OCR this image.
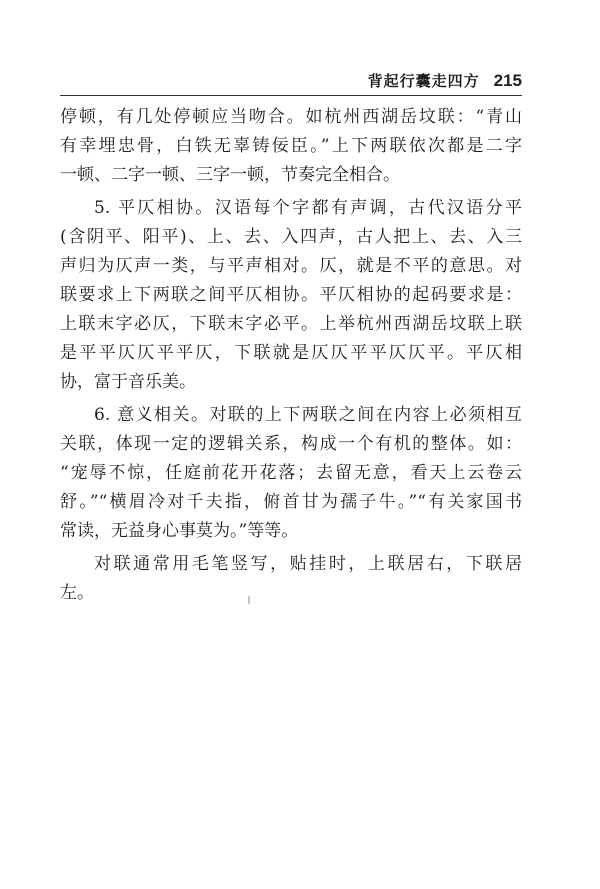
背起行囊走四方 215
停顿，有几处停顿应当吻合。如杭州西湖岳坟联：“青山
有幸埋忠骨，白铁无辜铸佞臣。”上下两联依次都是二字
一顿、二字一顿、三字一顿，节奏完全相合。
5. 平仄相协。汉语每个字都有声调，古代汉语分平
(含阴平、阳平)、上、去、入四声，古人把上、去、入三
声归为仄声一类，与平声相对。仄，就是不平的意思。对
联要求上下两联之间平仄相协。平仄相协的起码要求是：
上联末字必仄，下联末字必平。上举杭州西湖岳坟联上联
是平平仄仄平平仄，下联就是仄仄平平仄仄平。平仄相
协，富于音乐美。
6. 意义相关。对联的上下两联之间在内容上必须相互
关联，体现一定的逻辑关系，构成一个有机的整体。如：
“宠辱不惊，任庭前花开花落；去留无意，看天上云卷云
舒。”“横眉冷对千夫指，俯首甘为孺子牛。”“有关家国书
常读，无益身心事莫为。”等等。
对联通常用毛笔竖写，贴挂时，上联居右，下联居
左。
